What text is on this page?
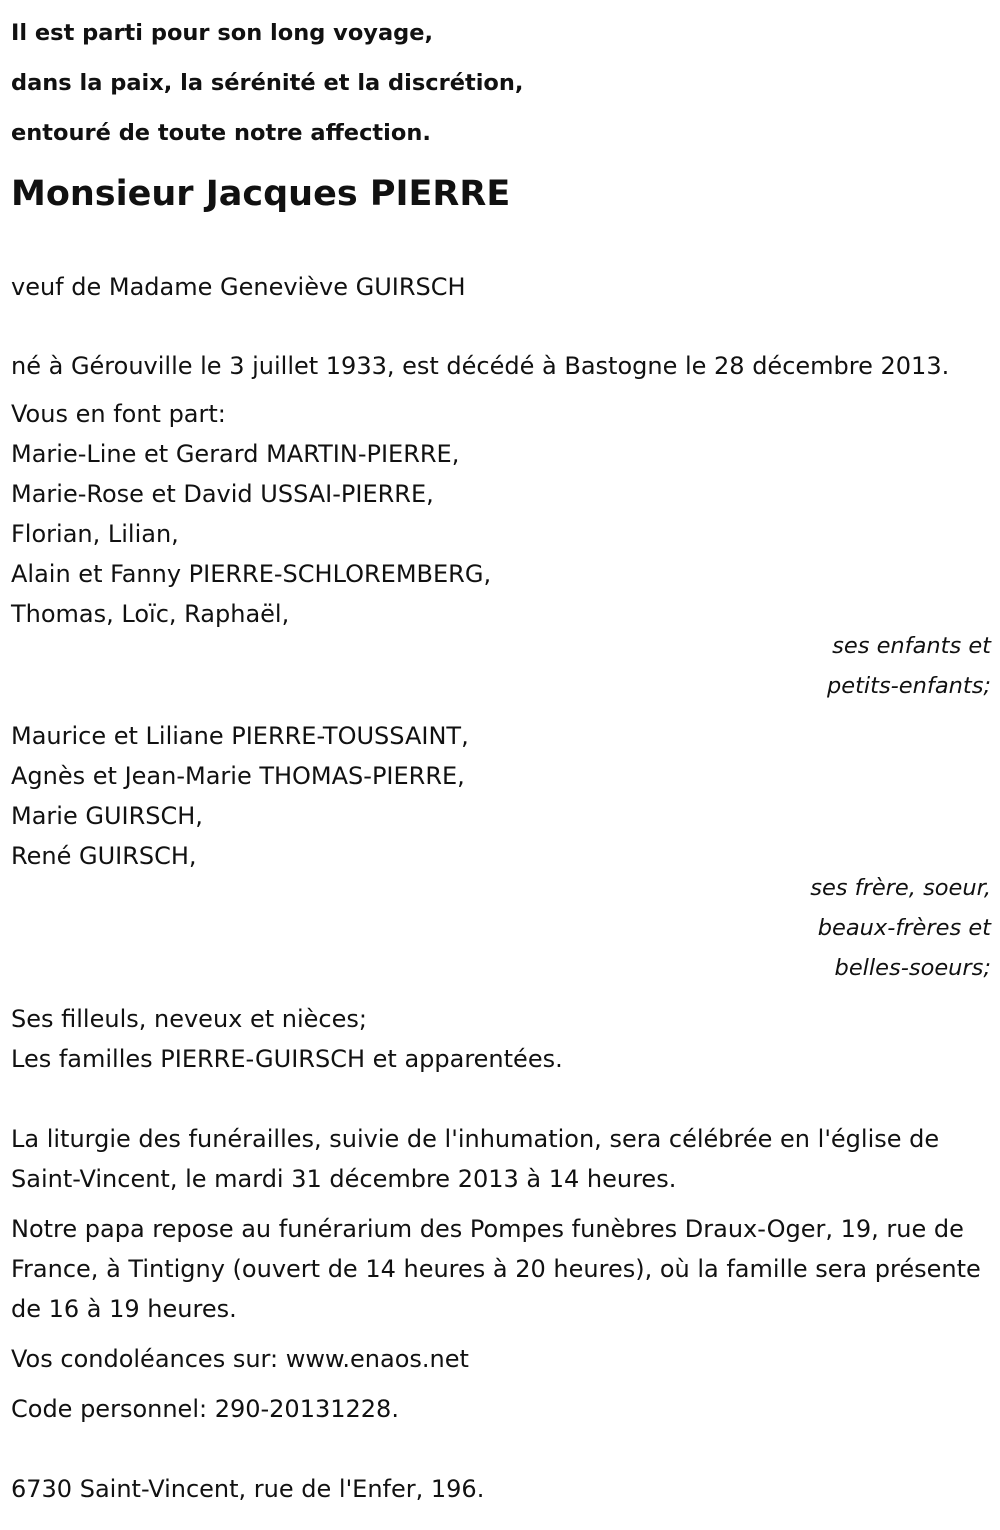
Il est parti pour son long voyage,
dans la paix, la sérénité et la discrétion,
entouré de toute notre affection.
Monsieur Jacques PIERRE
veuf de Madame Geneviève GUIRSCH
né à Gérouville le 3 juillet 1933, est décédé à Bastogne le 28 décembre 2013.
Vous en font part:
Marie-Line et Gerard MARTIN-PIERRE,
Marie-Rose et David USSAI-PIERRE,
Florian, Lilian,
Alain et Fanny PIERRE-SCHLOREMBERG,
Thomas, Loïc, Raphaël,
ses enfants et
petits-enfants;
Maurice et Liliane PIERRE-TOUSSAINT,
Agnès et Jean-Marie THOMAS-PIERRE,
Marie GUIRSCH,
René GUIRSCH,
ses frère, soeur,
beaux-frères et
belles-soeurs;
Ses filleuls, neveux et nièces;
Les familles PIERRE-GUIRSCH et apparentées.
La liturgie des funérailles, suivie de l'inhumation, sera célébrée en l'église de Saint-Vincent, le mardi 31 décembre 2013 à 14 heures.
Notre papa repose au funérarium des Pompes funèbres Draux-Oger, 19, rue de France, à Tintigny (ouvert de 14 heures à 20 heures), où la famille sera présente de 16 à 19 heures.
Vos condoléances sur: www.enaos.net
Code personnel: 290-20131228.
6730 Saint-Vincent, rue de l'Enfer, 196.
